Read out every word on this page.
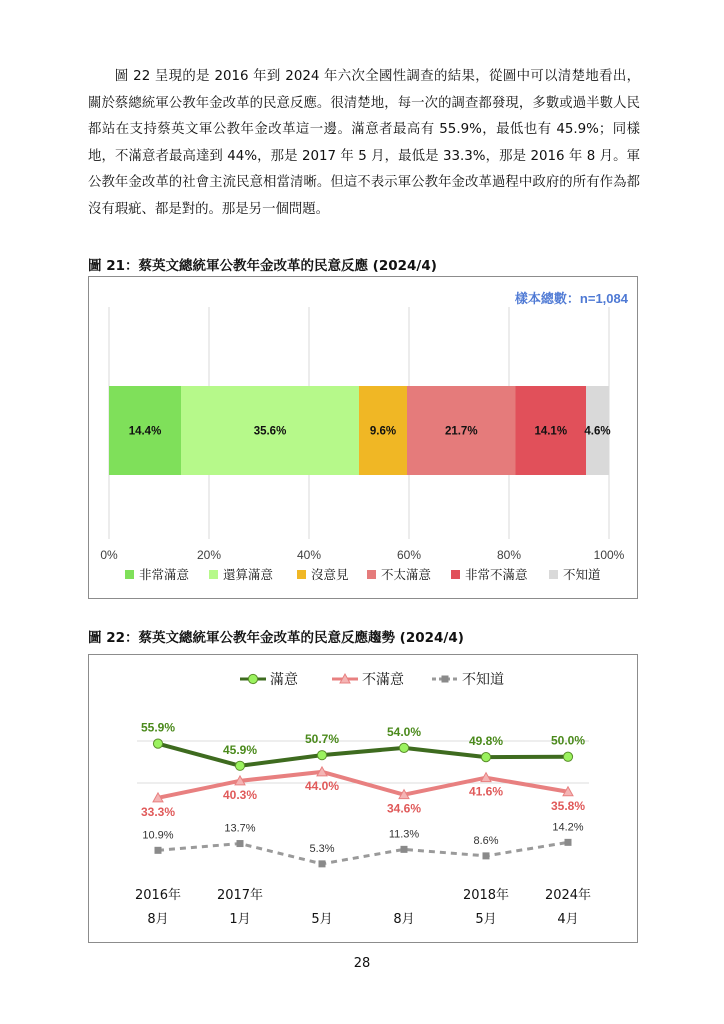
圖 22 呈現的是 2016 年到 2024 年六次全國性調查的結果，從圖中可以清楚地看出，關於蔡總統軍公教年金改革的民意反應。很清楚地，每一次的調查都發現，多數或過半數人民都站在支持蔡英文軍公教年金改革這一邊。滿意者最高有 55.9%，最低也有 45.9%；同樣地，不滿意者最高達到 44%，那是 2017 年 5 月，最低是 33.3%，那是 2016 年 8 月。軍公教年金改革的社會主流民意相當清晰。但這不表示軍公教年金改革過程中政府的所有作為都沒有瑕疵、都是對的。那是另一個問題。

圖 21：蔡英文總統軍公教年金改革的民意反應 (2024/4)
樣本總數：n=1,084
0%	20%	40%	60%	80%	100%
14.4%	35.6%	9.6%	21.7%	14.1% 4.6%
非常滿意	還算滿意	沒意見	不太滿意	非常不滿意	不知道
圖 22：蔡英文總統軍公教年金改革的民意反應趨勢 (2024/4)
滿意	不滿意	不知道
55.9%
45.9%
50.7%
54.0%
49.8%	50.0%
33.3%
40.3%
44.0%
34.6%
41.6%
35.8%
10.9%
13.7%
5.3%
11.3%
8.6%
14.2%
2016年
8月
2017年
1月	5月	8月
2018年
5月
2024年
4月
28
